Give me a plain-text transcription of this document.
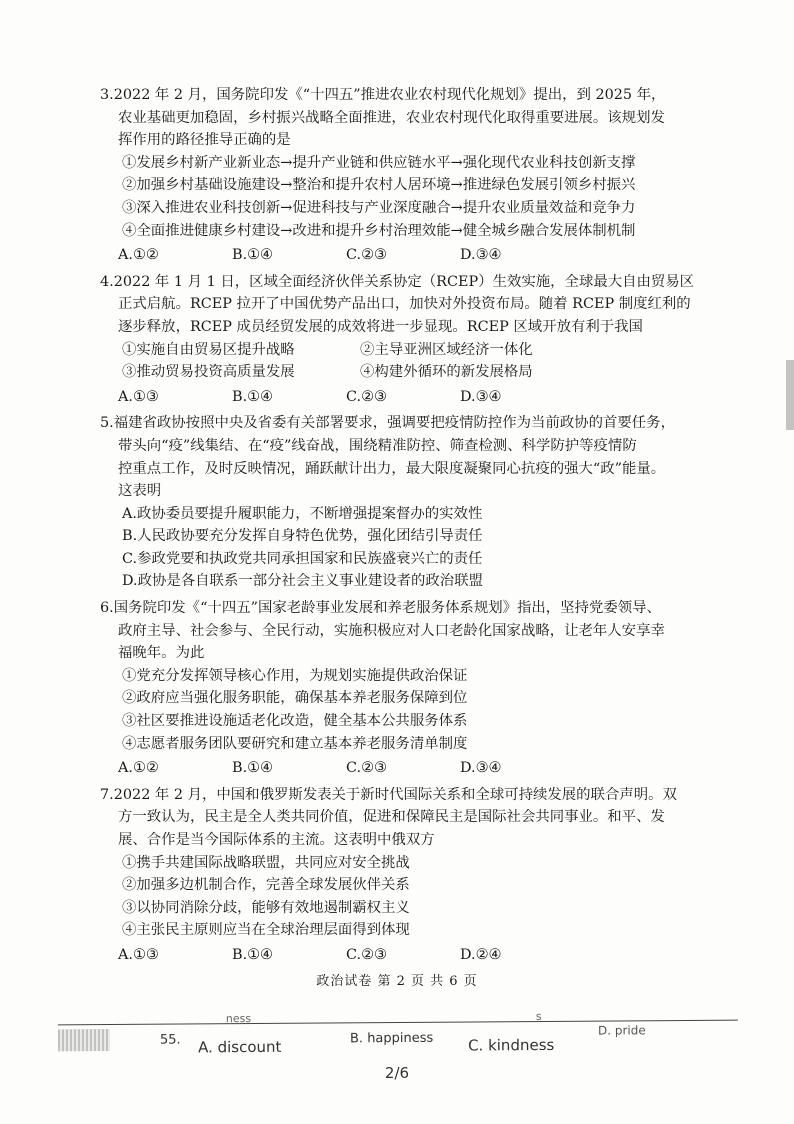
3.2022 年 2 月，国务院印发《“十四五”推进农业农村现代化规划》提出，到 2025 年，

农业基础更加稳固，乡村振兴战略全面推进，农业农村现代化取得重要进展。该规划发

挥作用的路径推导正确的是

①发展乡村新产业新业态→提升产业链和供应链水平→强化现代农业科技创新支撑

②加强乡村基础设施建设→整治和提升农村人居环境→推进绿色发展引领乡村振兴

③深入推进农业科技创新→促进科技与产业深度融合→提升农业质量效益和竞争力

④全面推进健康乡村建设→改进和提升乡村治理效能→健全城乡融合发展体制机制

A.①②	B.①④	C.②③	D.③④

4.2022 年 1 月 1 日，区域全面经济伙伴关系协定（RCEP）生效实施，全球最大自由贸易区

正式启航。RCEP 拉开了中国优势产品出口，加快对外投资布局。随着 RCEP 制度红利的

逐步释放，RCEP 成员经贸发展的成效将进一步显现。RCEP 区域开放有利于我国

①实施自由贸易区提升战略	②主导亚洲区域经济一体化
③推动贸易投资高质量发展	④构建外循环的新发展格局
A.①③	B.①④	C.②③	D.③④

5.福建省政协按照中央及省委有关部署要求，强调要把疫情防控作为当前政协的首要任务，

带头向“疫”线集结、在“疫”线奋战，围绕精准防控、筛查检测、科学防护等疫情防

控重点工作，及时反映情况，踊跃献计出力，最大限度凝聚同心抗疫的强大“政”能量。

这表明

A.政协委员要提升履职能力，不断增强提案督办的实效性

B.人民政协要充分发挥自身特色优势，强化团结引导责任

C.参政党要和执政党共同承担国家和民族盛衰兴亡的责任

D.政协是各自联系一部分社会主义事业建设者的政治联盟

6.国务院印发《“十四五”国家老龄事业发展和养老服务体系规划》指出，坚持党委领导、

政府主导、社会参与、全民行动，实施积极应对人口老龄化国家战略，让老年人安享幸

福晚年。为此

①党充分发挥领导核心作用，为规划实施提供政治保证

②政府应当强化服务职能，确保基本养老服务保障到位

③社区要推进设施适老化改造，健全基本公共服务体系

④志愿者服务团队要研究和建立基本养老服务清单制度

A.①②	B.①④	C.②③	D.③④

7.2022 年 2 月，中国和俄罗斯发表关于新时代国际关系和全球可持续发展的联合声明。双

方一致认为，民主是全人类共同价值，促进和保障民主是国际社会共同事业。和平、发

展、合作是当今国际体系的主流。这表明中俄双方

①携手共建国际战略联盟，共同应对安全挑战

②加强多边机制合作，完善全球发展伙伴关系

③以协同消除分歧，能够有效地遏制霸权主义

④主张民主原则应当在全球治理层面得到体现

A.①③	B.①④	C.②③	D.②④
政治试卷 第 2 页 共 6 页
ness	s
55. A. discount	B. happiness C. kindness
D. pride
2/6
